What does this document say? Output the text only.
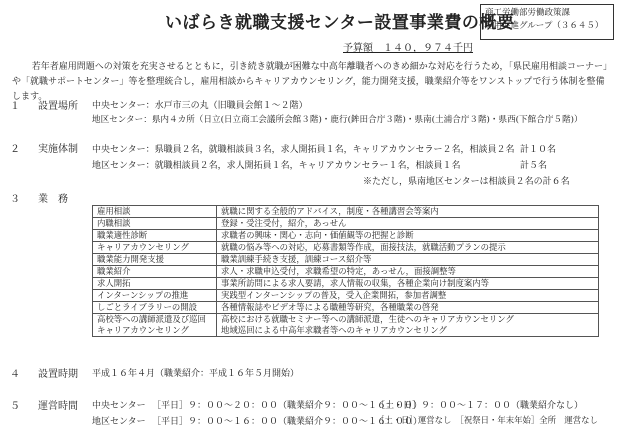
いばらき就職支援センター設置事業費の概要
商工労働部労働政策課
雇用促進グループ（３６４５）
予算額　１４０，９７４千円
若年者雇用問題への対策を充実させるとともに，引き続き就職が困難な中高年離職者へのきめ細かな対応を行うため，「県民雇用相談コーナー」や「就職サポートセンター」等を整理統合し，雇用相談からキャリアカウンセリング，能力開発支援，職業紹介等をワンストップで行う体制を整備します。
１ 設置場所 中央センター：水戸市三の丸（旧職員会館１～２階）
地区センター：県内４カ所（日立(日立商工会議所会館３階)・鹿行(鉾田合庁３階)・県南(土浦合庁３階)・県西(下館合庁５階)）
２ 実施体制 中央センター：県職員２名，就職相談員３名，求人開拓員１名，キャリアカウンセラー２名，相談員２名 計１０名
地区センター：就職相談員２名，求人開拓員１名，キャリアカウンセラー１名，相談員１名	計５名
※ただし，県南地区センターは相談員２名の計６名
３ 業　務
雇用相談	就職に関する全般的アドバイス，制度・各種講習会等案内
内職相談	登録・受注受付，紹介，あっせん
職業適性診断	求職者の興味・関心・志向・価値観等の把握と診断
キャリアカウンセリング	就職の悩み等への対応，応募書類等作成，面接技法，就職活動プランの提示
職業能力開発支援	職業訓練手続き支援，訓練コース紹介等
職業紹介	求人・求職申込受付，求職希望の特定，あっせん，面接調整等
求人開拓	事業所訪問による求人要請，求人情報の収集，各種企業向け制度案内等
インターンシップの推進	実践型インターンシップの普及，受入企業開拓，参加者調整
しごとライブラリーの開設	各種情報誌やビデオ等による職種等研究，各種職業の啓発
高校等への講師派遣及び巡回キャリアカウンセリング	高校における就職セミナー等への講師派遣，生徒へのキャリアカウンセリング
地域巡回による中高年求職者等へのキャリアカウンセリング
４ 設置時期 平成１６年４月（職業紹介：平成１６年５月開始）
５ 運営時間 中央センター ［平日］９：００～２０：００（職業紹介９：００～１６：００）
［土・日］９：００～１７：００（職業紹介なし）
地区センター ［平日］９：００～１６：００（職業紹介９：００～１６：００）
［土・日］運営なし　［祝祭日・年末年始］全所　運営なし
